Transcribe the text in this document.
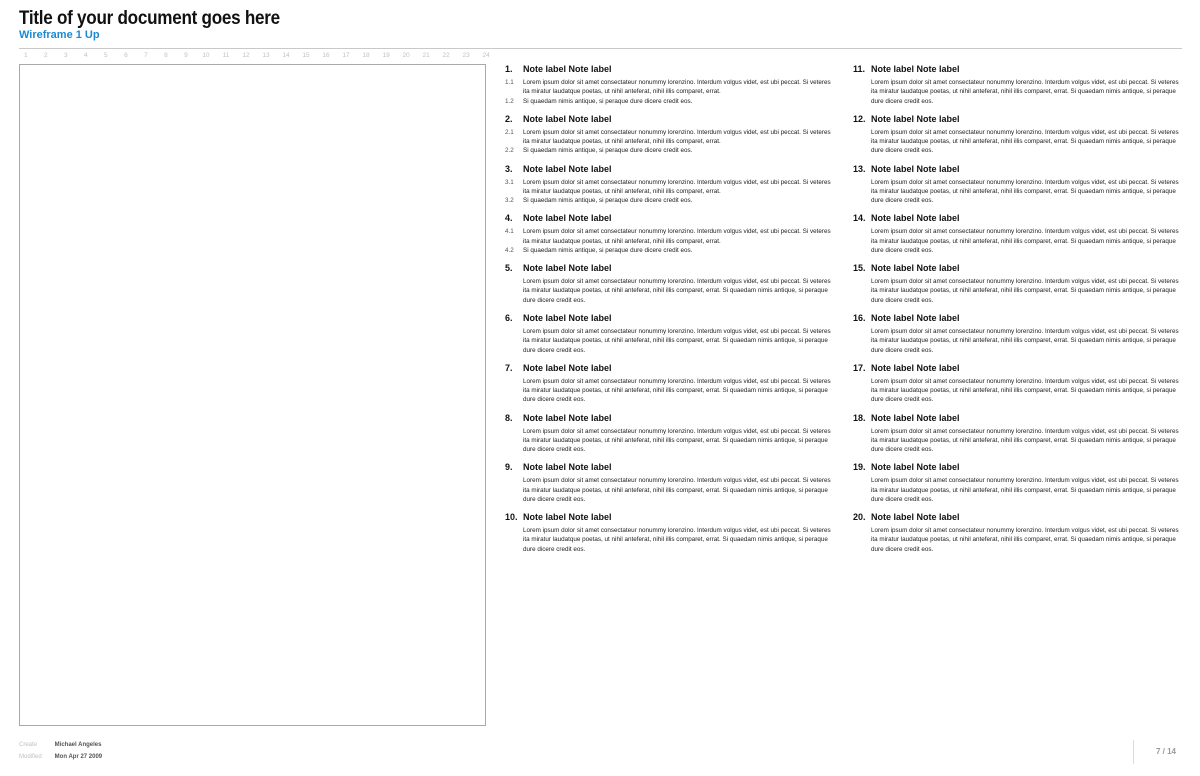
Title of your document goes here
Wireframe 1 Up
1	2	3	4	5	6	7	8	9	10	11	12	13	14	15	16	17	18	19	20	21	22	23	24
1. Note label Note label
1.1 Lorem ipsum dolor sit amet consectateur nonummy lorenzino. Interdum volgus videt, est ubi peccat. Si veteres ita miratur laudatque poetas, ut nihil anteferat, nihil illis comparet, errat.
1.2 Si quaedam nimis antique, si peraque dure dicere credit eos.
2. Note label Note label
2.1 Lorem ipsum dolor sit amet consectateur nonummy lorenzino. Interdum volgus videt, est ubi peccat. Si veteres ita miratur laudatque poetas, ut nihil anteferat, nihil illis comparet, errat.
2.2 Si quaedam nimis antique, si peraque dure dicere credit eos.
3. Note label Note label
3.1 Lorem ipsum dolor sit amet consectateur nonummy lorenzino. Interdum volgus videt, est ubi peccat. Si veteres ita miratur laudatque poetas, ut nihil anteferat, nihil illis comparet, errat.
3.2 Si quaedam nimis antique, si peraque dure dicere credit eos.
4. Note label Note label
4.1 Lorem ipsum dolor sit amet consectateur nonummy lorenzino. Interdum volgus videt, est ubi peccat. Si veteres ita miratur laudatque poetas, ut nihil anteferat, nihil illis comparet, errat.
4.2 Si quaedam nimis antique, si peraque dure dicere credit eos.
5. Note label Note label
Lorem ipsum dolor sit amet consectateur nonummy lorenzino. Interdum volgus videt, est ubi peccat. Si veteres ita miratur laudatque poetas, ut nihil anteferat, nihil illis comparet, errat. Si quaedam nimis antique, si peraque dure dicere credit eos.
6. Note label Note label
Lorem ipsum dolor sit amet consectateur nonummy lorenzino. Interdum volgus videt, est ubi peccat. Si veteres ita miratur laudatque poetas, ut nihil anteferat, nihil illis comparet, errat. Si quaedam nimis antique, si peraque dure dicere credit eos.
7. Note label Note label
Lorem ipsum dolor sit amet consectateur nonummy lorenzino. Interdum volgus videt, est ubi peccat. Si veteres ita miratur laudatque poetas, ut nihil anteferat, nihil illis comparet, errat. Si quaedam nimis antique, si peraque dure dicere credit eos.
8. Note label Note label
Lorem ipsum dolor sit amet consectateur nonummy lorenzino. Interdum volgus videt, est ubi peccat. Si veteres ita miratur laudatque poetas, ut nihil anteferat, nihil illis comparet, errat. Si quaedam nimis antique, si peraque dure dicere credit eos.
9. Note label Note label
Lorem ipsum dolor sit amet consectateur nonummy lorenzino. Interdum volgus videt, est ubi peccat. Si veteres ita miratur laudatque poetas, ut nihil anteferat, nihil illis comparet, errat. Si quaedam nimis antique, si peraque dure dicere credit eos.
10. Note label Note label
Lorem ipsum dolor sit amet consectateur nonummy lorenzino. Interdum volgus videt, est ubi peccat. Si veteres ita miratur laudatque poetas, ut nihil anteferat, nihil illis comparet, errat. Si quaedam nimis antique, si peraque dure dicere credit eos.
11. Note label Note label
Lorem ipsum dolor sit amet consectateur nonummy lorenzino. Interdum volgus videt, est ubi peccat. Si veteres ita miratur laudatque poetas, ut nihil anteferat, nihil illis comparet, errat. Si quaedam nimis antique, si peraque dure dicere credit eos.
12. Note label Note label
Lorem ipsum dolor sit amet consectateur nonummy lorenzino. Interdum volgus videt, est ubi peccat. Si veteres ita miratur laudatque poetas, ut nihil anteferat, nihil illis comparet, errat. Si quaedam nimis antique, si peraque dure dicere credit eos.
13. Note label Note label
Lorem ipsum dolor sit amet consectateur nonummy lorenzino. Interdum volgus videt, est ubi peccat. Si veteres ita miratur laudatque poetas, ut nihil anteferat, nihil illis comparet, errat. Si quaedam nimis antique, si peraque dure dicere credit eos.
14. Note label Note label
Lorem ipsum dolor sit amet consectateur nonummy lorenzino. Interdum volgus videt, est ubi peccat. Si veteres ita miratur laudatque poetas, ut nihil anteferat, nihil illis comparet, errat. Si quaedam nimis antique, si peraque dure dicere credit eos.
15. Note label Note label
Lorem ipsum dolor sit amet consectateur nonummy lorenzino. Interdum volgus videt, est ubi peccat. Si veteres ita miratur laudatque poetas, ut nihil anteferat, nihil illis comparet, errat. Si quaedam nimis antique, si peraque dure dicere credit eos.
16. Note label Note label
Lorem ipsum dolor sit amet consectateur nonummy lorenzino. Interdum volgus videt, est ubi peccat. Si veteres ita miratur laudatque poetas, ut nihil anteferat, nihil illis comparet, errat. Si quaedam nimis antique, si peraque dure dicere credit eos.
17. Note label Note label
Lorem ipsum dolor sit amet consectateur nonummy lorenzino. Interdum volgus videt, est ubi peccat. Si veteres ita miratur laudatque poetas, ut nihil anteferat, nihil illis comparet, errat. Si quaedam nimis antique, si peraque dure dicere credit eos.
18. Note label Note label
Lorem ipsum dolor sit amet consectateur nonummy lorenzino. Interdum volgus videt, est ubi peccat. Si veteres ita miratur laudatque poetas, ut nihil anteferat, nihil illis comparet, errat. Si quaedam nimis antique, si peraque dure dicere credit eos.
19. Note label Note label
Lorem ipsum dolor sit amet consectateur nonummy lorenzino. Interdum volgus videt, est ubi peccat. Si veteres ita miratur laudatque poetas, ut nihil anteferat, nihil illis comparet, errat. Si quaedam nimis antique, si peraque dure dicere credit eos.
20. Note label Note label
Lorem ipsum dolor sit amet consectateur nonummy lorenzino. Interdum volgus videt, est ubi peccat. Si veteres ita miratur laudatque poetas, ut nihil anteferat, nihil illis comparet, errat. Si quaedam nimis antique, si peraque dure dicere credit eos.
Create	Michael Angeles
Modified Mon Apr 27 2009
7 / 14
